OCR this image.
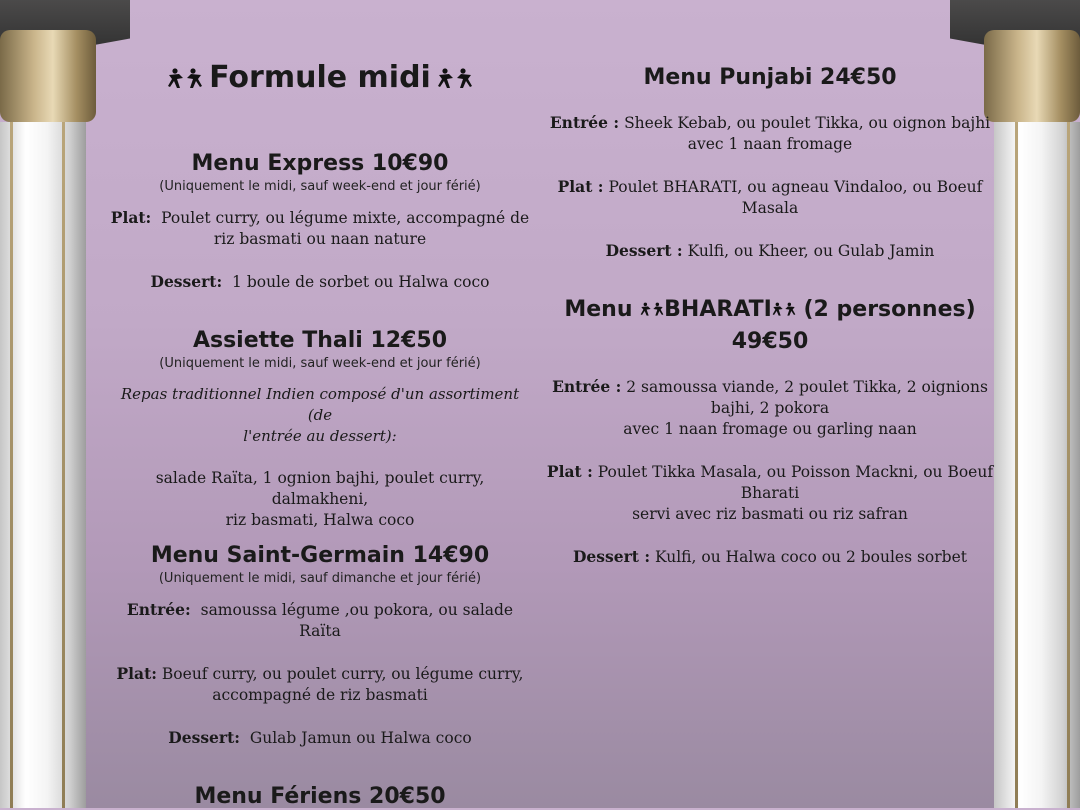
Formule midi

Menu Express 10€90

(Uniquement le midi, sauf week-end et jour férié)

Plat: Poulet curry, ou légume mixte, accompagné de

riz basmati ou naan nature

Dessert: 1 boule de sorbet ou Halwa coco

Assiette Thali 12€50

(Uniquement le midi, sauf week-end et jour férié)

Repas traditionnel Indien composé d'un assortiment (de

l'entrée au dessert):

salade Raïta, 1 ognion bajhi, poulet curry, dalmakheni,

riz basmati, Halwa coco

Menu Saint-Germain 14€90

(Uniquement le midi, sauf dimanche et jour férié)

Entrée: samoussa légume ,ou pokora, ou salade Raïta

Plat: Boeuf curry, ou poulet curry, ou légume curry,

accompagné de riz basmati

Dessert: Gulab Jamun ou Halwa coco

Menu Fériens 20€50

Menu Punjabi 24€50

Entrée : Sheek Kebab, ou poulet Tikka, ou oignon bajhi

avec 1 naan fromage

Plat : Poulet BHARATI, ou agneau Vindaloo, ou Boeuf

Masala

Dessert : Kulfi, ou Kheer, ou Gulab Jamin

Menu BHARATI (2 personnes)

49€50

Entrée : 2 samoussa viande, 2 poulet Tikka, 2 oignions

bajhi, 2 pokora

avec 1 naan fromage ou garling naan

Plat : Poulet Tikka Masala, ou Poisson Mackni, ou Boeuf

Bharati

servi avec riz basmati ou riz safran

Dessert : Kulfi, ou Halwa coco ou 2 boules sorbet
